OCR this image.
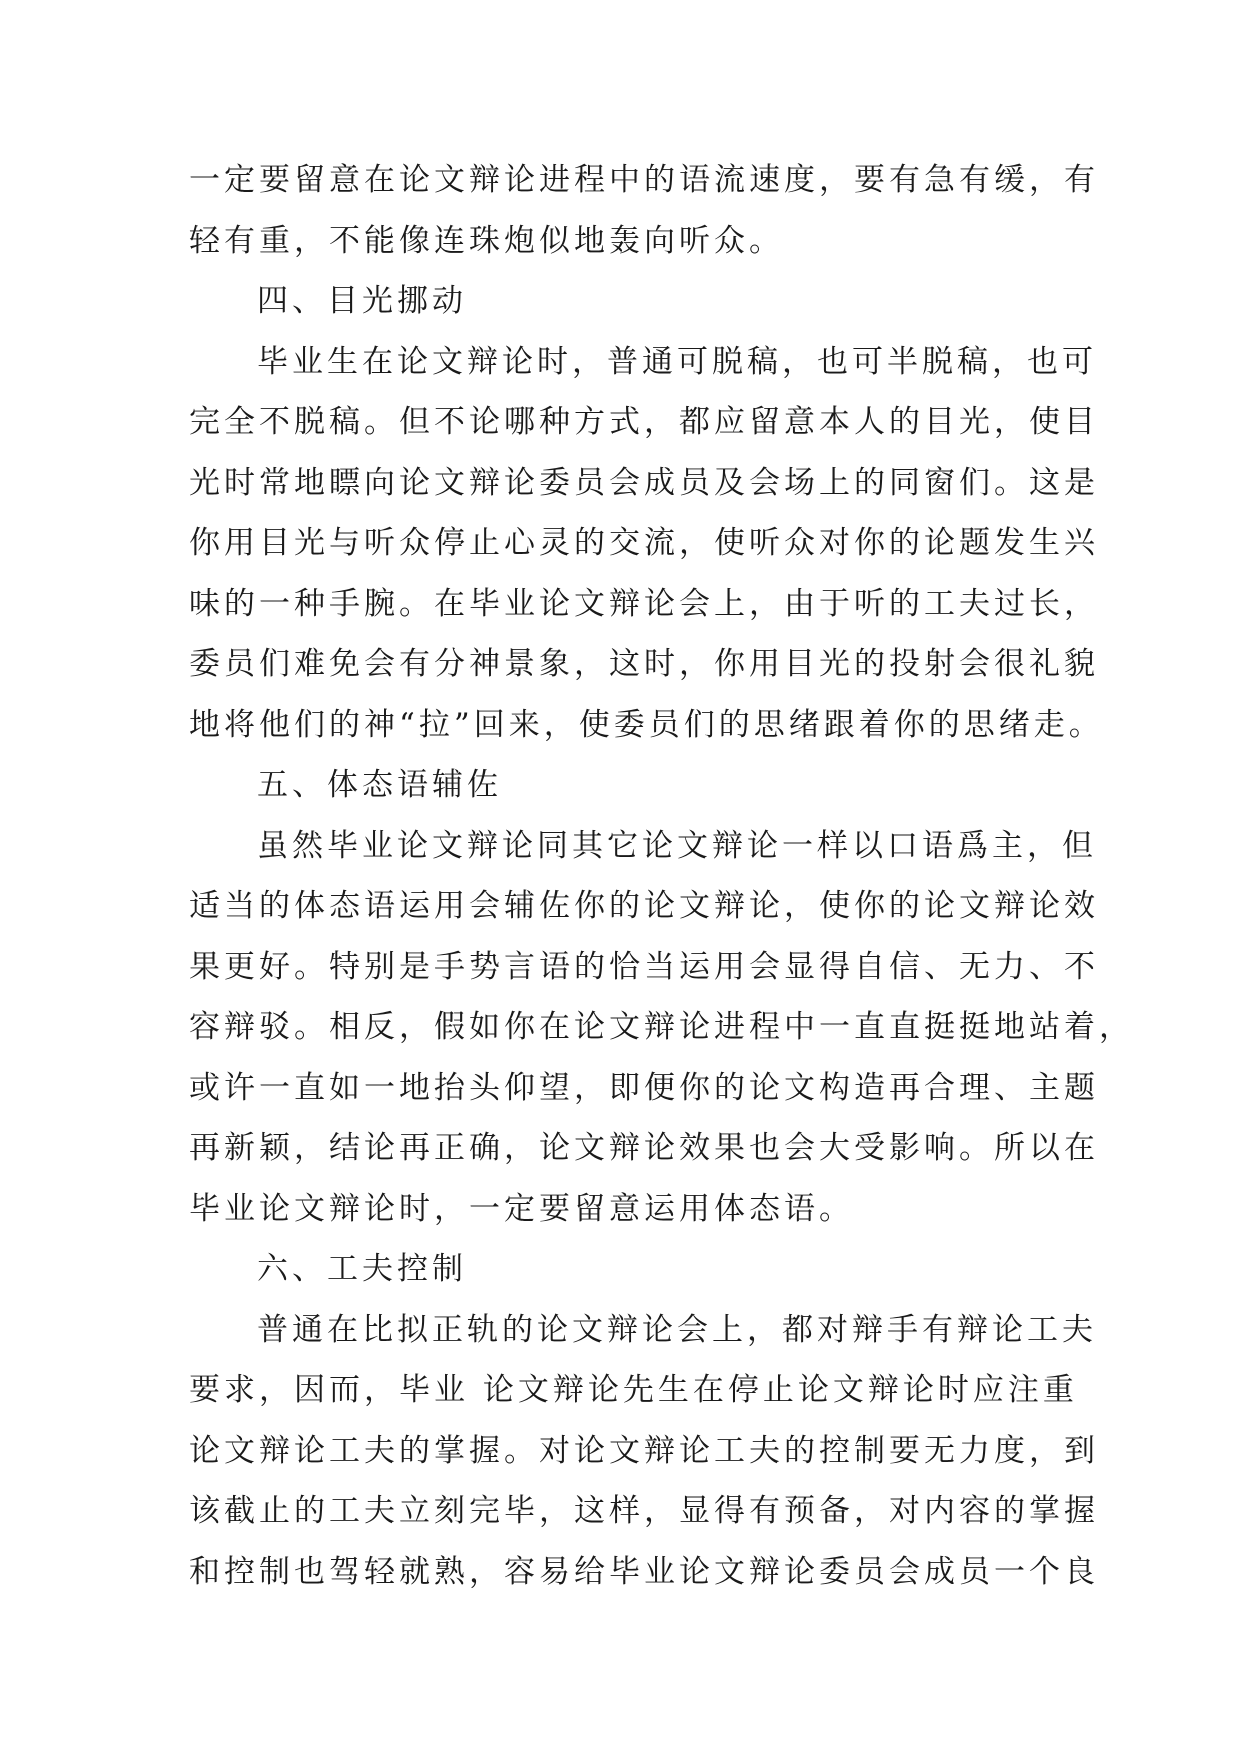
一定要留意在论文辩论进程中的语流速度，要有急有缓，有
轻有重，不能像连珠炮似地轰向听众。
四、目光挪动
毕业生在论文辩论时，普通可脱稿，也可半脱稿，也可
完全不脱稿。但不论哪种方式，都应留意本人的目光，使目
光时常地瞟向论文辩论委员会成员及会场上的同窗们。这是
你用目光与听众停止心灵的交流，使听众对你的论题发生兴
味的一种手腕。在毕业论文辩论会上，由于听的工夫过长，
委员们难免会有分神景象，这时，你用目光的投射会很礼貌
地将他们的神“拉”回来，使委员们的思绪跟着你的思绪走。
五、体态语辅佐
虽然毕业论文辩论同其它论文辩论一样以口语爲主，但
适当的体态语运用会辅佐你的论文辩论，使你的论文辩论效
果更好。特别是手势言语的恰当运用会显得自信、无力、不
容辩驳。相反，假如你在论文辩论进程中一直直挺挺地站着，
或许一直如一地抬头仰望，即便你的论文构造再合理、主题
再新颖，结论再正确，论文辩论效果也会大受影响。所以在
毕业论文辩论时，一定要留意运用体态语。
六、工夫控制
普通在比拟正轨的论文辩论会上，都对辩手有辩论工夫
要求，因而，毕业 论文辩论先生在停止论文辩论时应注重
论文辩论工夫的掌握。对论文辩论工夫的控制要无力度，到
该截止的工夫立刻完毕，这样，显得有预备，对内容的掌握
和控制也驾轻就熟，容易给毕业论文辩论委员会成员一个良
